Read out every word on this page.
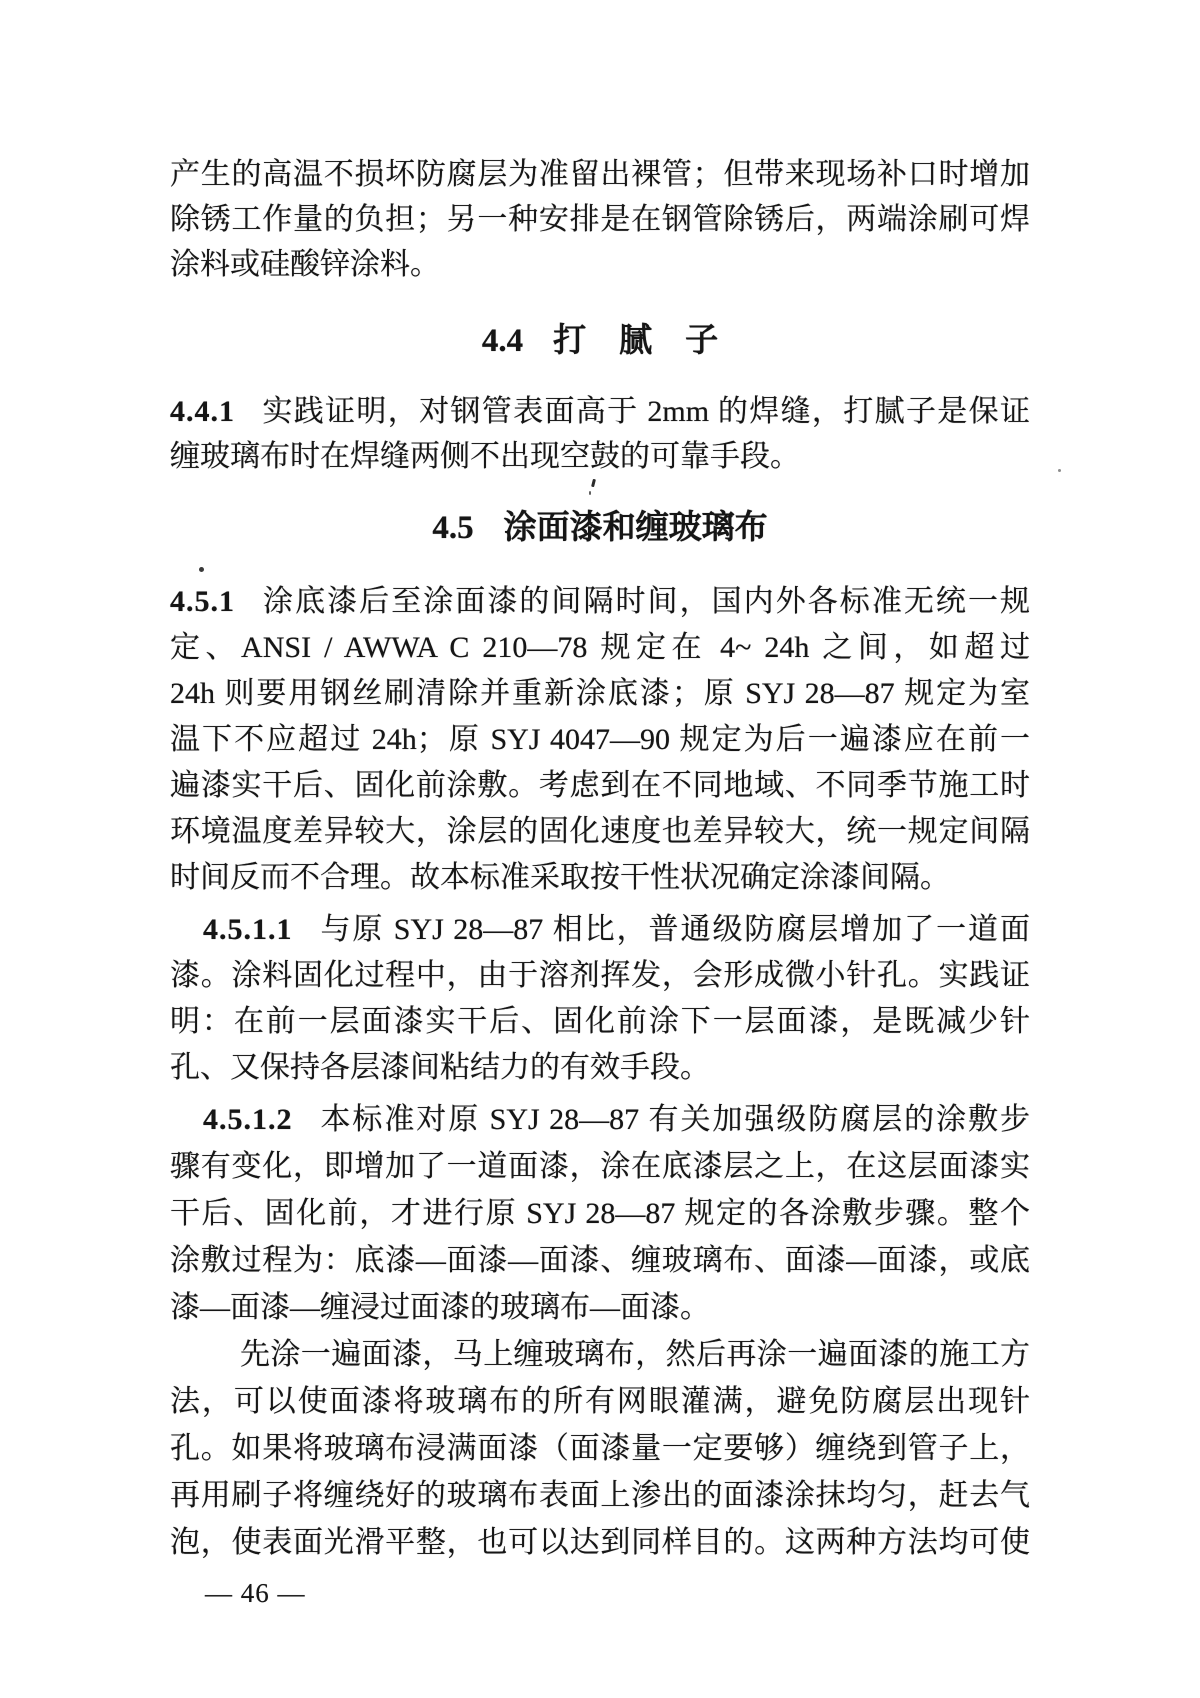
产生的高温不损坏防腐层为准留出裸管；但带来现场补口时增加
除锈工作量的负担；另一种安排是在钢管除锈后，两端涂刷可焊
涂料或硅酸锌涂料。
4.4 打　腻　子
4.4.1 实践证明，对钢管表面高于 2mm 的焊缝，打腻子是保证
缠玻璃布时在焊缝两侧不出现空鼓的可靠手段。
4.5 涂面漆和缠玻璃布
4.5.1 涂底漆后至涂面漆的间隔时间，国内外各标准无统一规
定、ANSI / AWWA C 210—78 规定在 4~ 24h 之间，如超过
24h 则要用钢丝刷清除并重新涂底漆；原 SYJ 28—87 规定为室
温下不应超过 24h；原 SYJ 4047—90 规定为后一遍漆应在前一
遍漆实干后、固化前涂敷。考虑到在不同地域、不同季节施工时
环境温度差异较大，涂层的固化速度也差异较大，统一规定间隔
时间反而不合理。故本标准采取按干性状况确定涂漆间隔。
4.5.1.1 与原 SYJ 28—87 相比，普通级防腐层增加了一道面
漆。涂料固化过程中，由于溶剂挥发，会形成微小针孔。实践证
明：在前一层面漆实干后、固化前涂下一层面漆，是既减少针
孔、又保持各层漆间粘结力的有效手段。
4.5.1.2 本标准对原 SYJ 28—87 有关加强级防腐层的涂敷步
骤有变化，即增加了一道面漆，涂在底漆层之上，在这层面漆实
干后、固化前，才进行原 SYJ 28—87 规定的各涂敷步骤。整个
涂敷过程为：底漆—面漆—面漆、缠玻璃布、面漆—面漆，或底
漆—面漆—缠浸过面漆的玻璃布—面漆。
先涂一遍面漆，马上缠玻璃布，然后再涂一遍面漆的施工方
法，可以使面漆将玻璃布的所有网眼灌满，避免防腐层出现针
孔。如果将玻璃布浸满面漆（面漆量一定要够）缠绕到管子上，
再用刷子将缠绕好的玻璃布表面上渗出的面漆涂抹均匀，赶去气
泡，使表面光滑平整，也可以达到同样目的。这两种方法均可使
— 46 —
